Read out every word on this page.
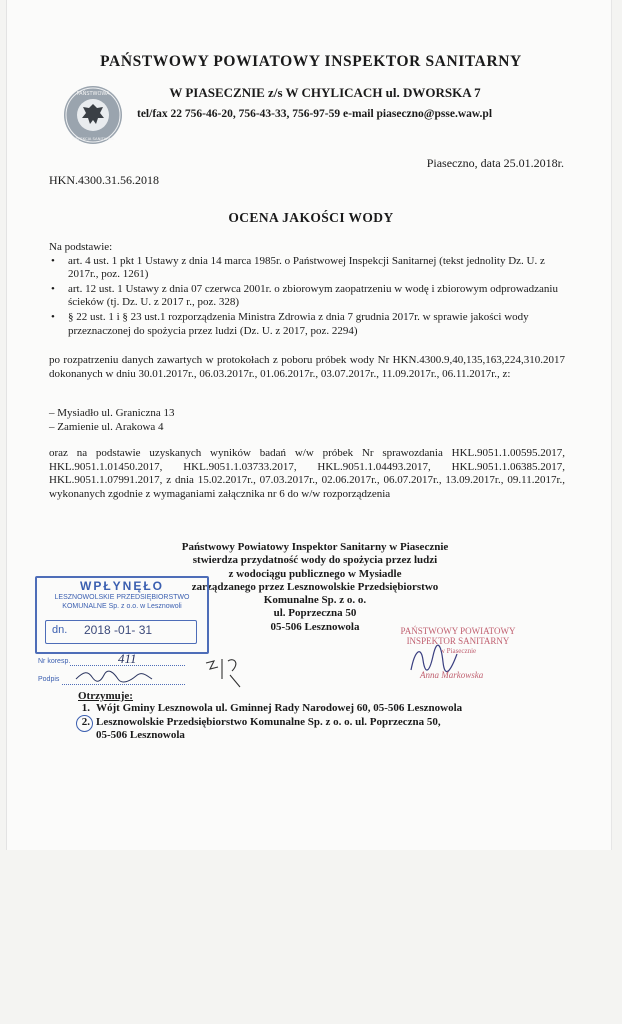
PAŃSTWOWY POWIATOWY INSPEKTOR SANITARNY
PAŃSTWOWA
INSPEKCJA SANITARNA
W PIASECZNIE z/s W CHYLICACH ul. DWORSKA 7
tel/fax 22 756-46-20, 756-43-33, 756-97-59 e-mail piaseczno@psse.waw.pl
Piaseczno, data 25.01.2018r.
HKN.4300.31.56.2018
OCENA JAKOŚCI WODY
Na podstawie:
• art. 4 ust. 1 pkt 1 Ustawy z dnia 14 marca 1985r. o Państwowej Inspekcji Sanitarnej (tekst jednolity Dz. U. z 2017r., poz. 1261)
• art. 12 ust. 1 Ustawy z dnia 07 czerwca 2001r. o zbiorowym zaopatrzeniu w wodę i zbiorowym odprowadzaniu ścieków (tj. Dz. U. z 2017 r., poz. 328)
• § 22 ust. 1 i § 23 ust.1 rozporządzenia Ministra Zdrowia z dnia 7 grudnia 2017r. w sprawie jakości wody przeznaczonej do spożycia przez ludzi (Dz. U. z 2017, poz. 2294)
po rozpatrzeniu danych zawartych w protokołach z poboru próbek wody Nr HKN.4300.9,40,135,163,224,310.2017 dokonanych w dniu 30.01.2017r., 06.03.2017r., 01.06.2017r., 03.07.2017r., 11.09.2017r., 06.11.2017r., z:
– Mysiadło ul. Graniczna 13
– Zamienie ul. Arakowa 4
oraz na podstawie uzyskanych wyników badań w/w próbek Nr sprawozdania HKL.9051.1.00595.2017, HKL.9051.1.01450.2017, HKL.9051.1.03733.2017, HKL.9051.1.04493.2017, HKL.9051.1.06385.2017, HKL.9051.1.07991.2017, z dnia 15.02.2017r., 07.03.2017r., 02.06.2017r., 06.07.2017r., 13.09.2017r., 09.11.2017r., wykonanych zgodnie z wymaganiami załącznika nr 6 do w/w rozporządzenia
Państwowy Powiatowy Inspektor Sanitarny w Piasecznie
stwierdza przydatność wody do spożycia przez ludzi
z wodociągu publicznego w Mysiadle
zarządzanego przez Lesznowolskie Przedsiębiorstwo
Komunalne Sp. z o. o.
ul. Poprzeczna 50
05-506 Lesznowola
WPŁYNĘŁO
LESZNOWOLSKIE PRZEDSIĘBIORSTWO
KOMUNALNE Sp. z o.o. w Lesznowoli
dn. 2018 -01- 31
Nr koresp.	411
Podpis
PAŃSTWOWY POWIATOWY
INSPEKTOR SANITARNY
w Piasecznie
Anna Markowska
Otrzymuje:
1. Wójt Gminy Lesznowola ul. Gminnej Rady Narodowej 60, 05-506 Lesznowola
2. Lesznowolskie Przedsiębiorstwo Komunalne Sp. z o. o. ul. Poprzeczna 50,
05-506 Lesznowola
